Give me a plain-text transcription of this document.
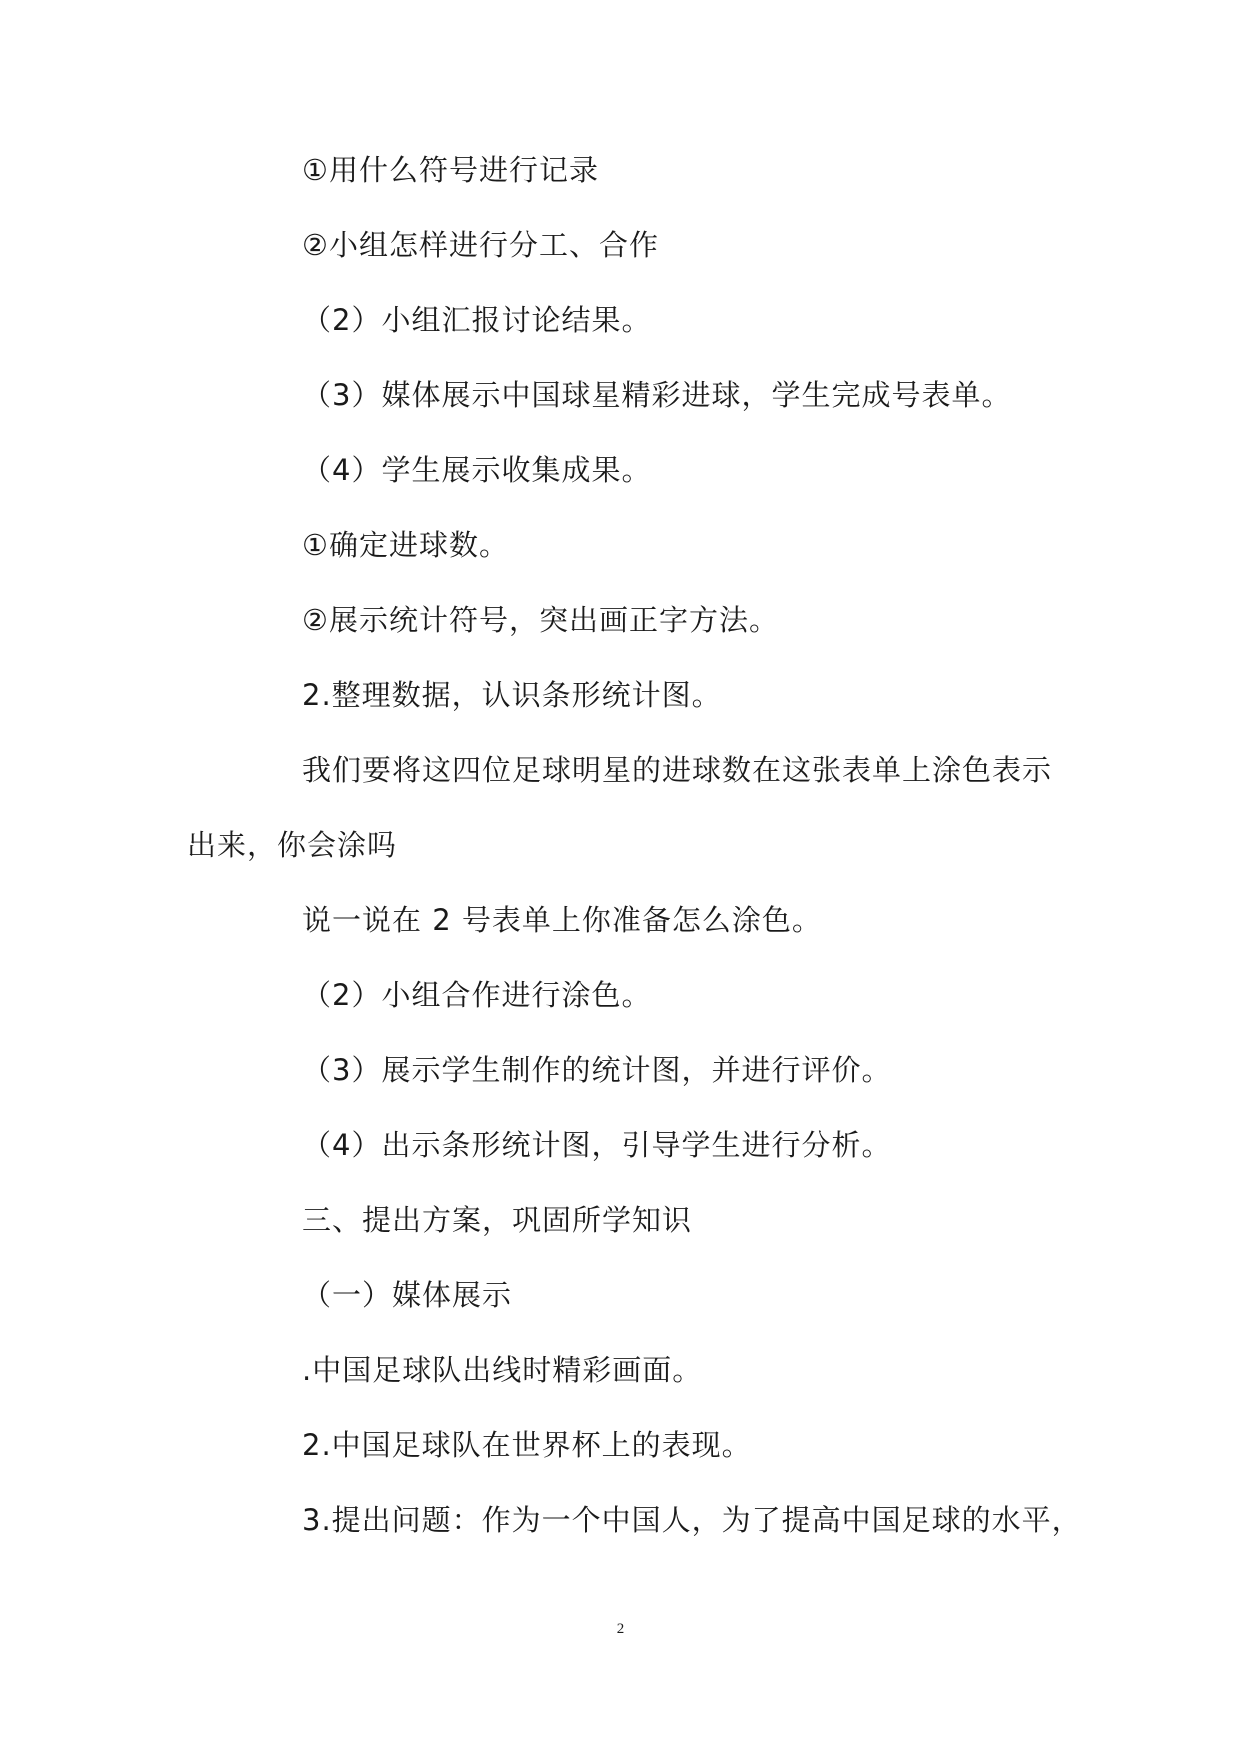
①用什么符号进行记录
②小组怎样进行分工、合作
（2）小组汇报讨论结果。
（3）媒体展示中国球星精彩进球，学生完成号表单。
（4）学生展示收集成果。
①确定进球数。
②展示统计符号，突出画正字方法。
2.整理数据，认识条形统计图。
我们要将这四位足球明星的进球数在这张表单上涂色表示
出来，你会涂吗
说一说在 2 号表单上你准备怎么涂色。
（2）小组合作进行涂色。
（3）展示学生制作的统计图，并进行评价。
（4）出示条形统计图，引导学生进行分析。
三、提出方案，巩固所学知识
（一）媒体展示
.中国足球队出线时精彩画面。
2.中国足球队在世界杯上的表现。
3.提出问题：作为一个中国人，为了提高中国足球的水平，
2
